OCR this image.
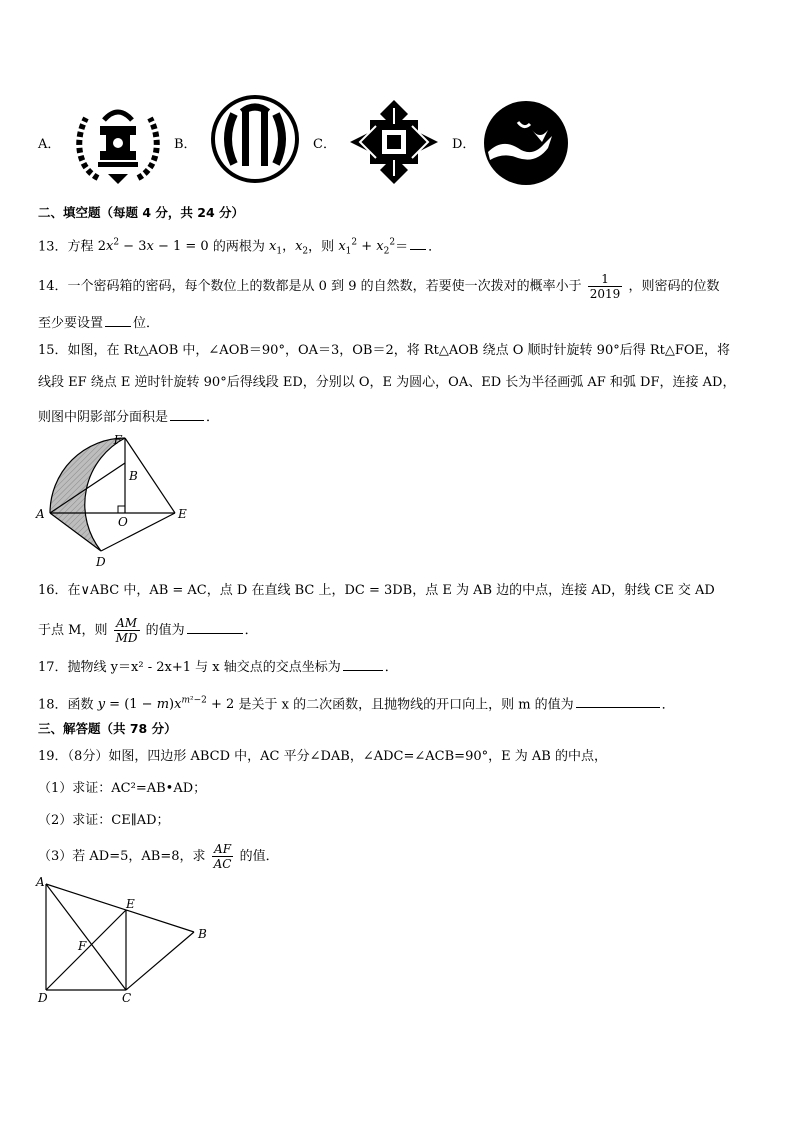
A．	B．	C．	D．
二、填空题（每题 4 分，共 24 分）
13．方程 $2x^2 - 3x - 1 = 0$ 的两根为 $x_1$，$x_2$，则 $x_1^2 + x_2^2=$ ．
14．一个密码箱的密码，每个数位上的数都是从 0 到 9 的自然数，若要使一次拨对的概率小于 $\frac{1}{2019}$ ，则密码的位数
至少要设置 位．
15．如图，在 Rt△AOB 中，∠AOB＝90°，OA＝3，OB＝2，将 Rt△AOB 绕点 O 顺时针旋转 90°后得 Rt△FOE，将
线段 EF 绕点 E 逆时针旋转 90°后得线段 ED，分别以 O，E 为圆心，OA、ED 长为半径画弧 AF 和弧 DF，连接 AD，
则图中阴影部分面积是	．
F
B
A
O
E
D
16．在∨ABC 中，AB = AC，点 D 在直线 BC 上，DC = 3DB，点 E 为 AB 边的中点，连接 AD，射线 CE 交 AD
于点 M，则 $\frac{AM}{MD}$ 的值为	．
17．抛物线 y＝x² - 2x+1 与 x 轴交点的交点坐标为	．
18．函数 $y = (1 - m)x^{m^2-2} + 2$ 是关于 x 的二次函数，且抛物线的开口向上，则 m 的值为	．
三、解答题（共 78 分）
19．（8分）如图，四边形 ABCD 中，AC 平分∠DAB，∠ADC=∠ACB=90°，E 为 AB 的中点，
（1）求证：AC²=AB•AD；
（2）求证：CE∥AD；
（3）若 AD=5，AB=8，求 $\frac{AF}{AC}$ 的值．
A
E
B
F
D	C
